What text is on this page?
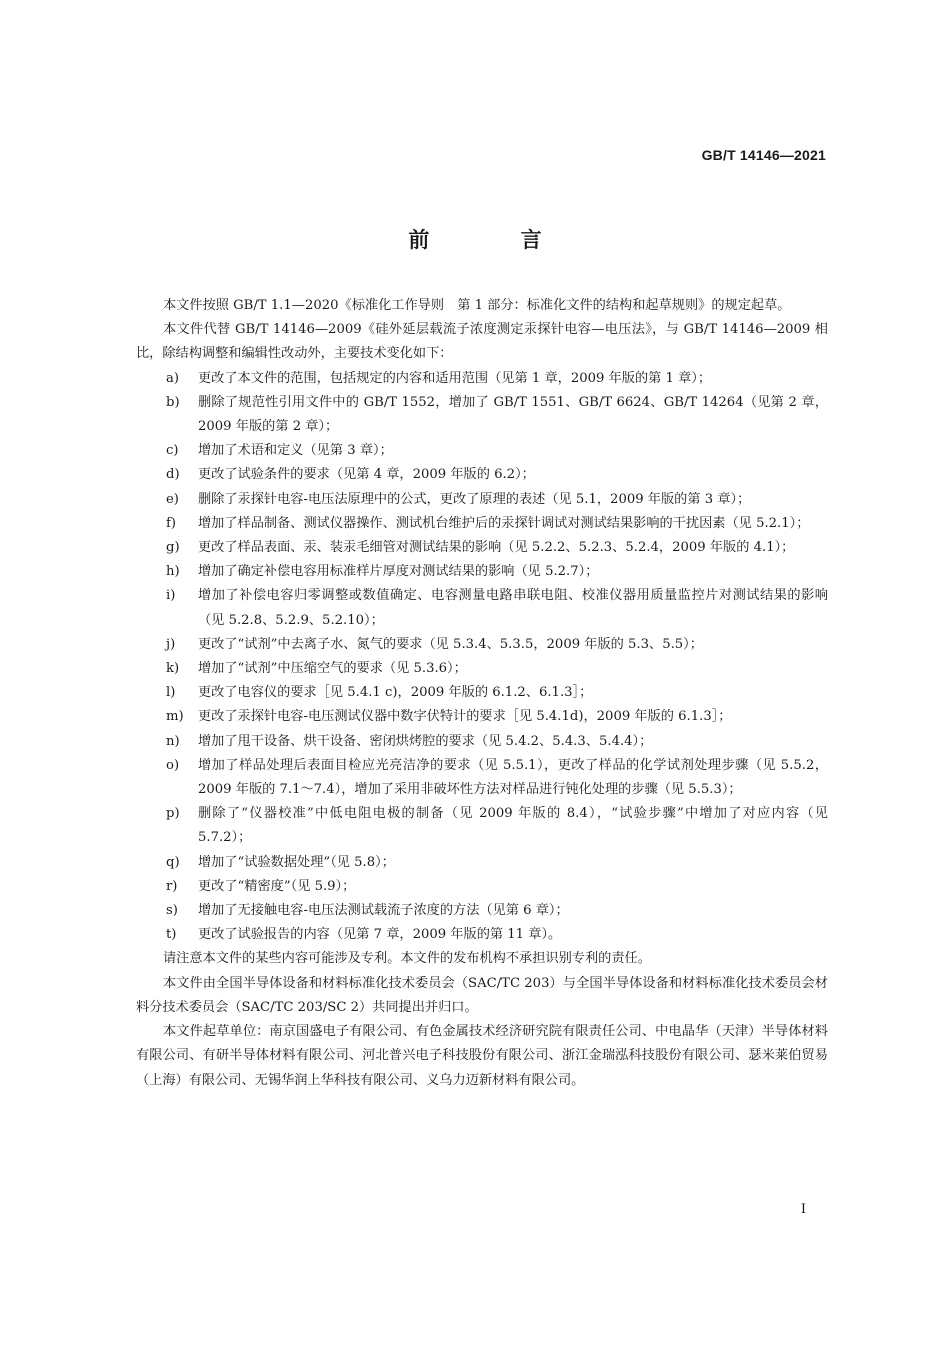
GB/T 14146—2021
前 言

本文件按照 GB/T 1.1—2020《标准化工作导则　第 1 部分：标准化文件的结构和起草规则》的规定起草。

本文件代替 GB/T 14146—2009《硅外延层载流子浓度测定汞探针电容—电压法》，与 GB/T 14146—2009 相比，除结构调整和编辑性改动外，主要技术变化如下：

a)	更改了本文件的范围，包括规定的内容和适用范围（见第 1 章，2009 年版的第 1 章）；
b)	删除了规范性引用文件中的 GB/T 1552，增加了 GB/T 1551、GB/T 6624、GB/T 14264（见第 2 章，2009 年版的第 2 章）；
c)	增加了术语和定义（见第 3 章）；
d)	更改了试验条件的要求（见第 4 章，2009 年版的 6.2）；
e)	删除了汞探针电容-电压法原理中的公式，更改了原理的表述（见 5.1，2009 年版的第 3 章）；
f)	增加了样品制备、测试仪器操作、测试机台维护后的汞探针调试对测试结果影响的干扰因素（见 5.2.1）；
g)	更改了样品表面、汞、装汞毛细管对测试结果的影响（见 5.2.2、5.2.3、5.2.4，2009 年版的 4.1）；
h)	增加了确定补偿电容用标准样片厚度对测试结果的影响（见 5.2.7）；
i)	增加了补偿电容归零调整或数值确定、电容测量电路串联电阻、校准仪器用质量监控片对测试结果的影响（见 5.2.8、5.2.9、5.2.10）；
j)	更改了“试剂”中去离子水、氮气的要求（见 5.3.4、5.3.5，2009 年版的 5.3、5.5）；
k)	增加了“试剂”中压缩空气的要求（见 5.3.6）；
l)	更改了电容仪的要求［见 5.4.1 c)，2009 年版的 6.1.2、6.1.3］；
m)	更改了汞探针电容-电压测试仪器中数字伏特计的要求［见 5.4.1d)，2009 年版的 6.1.3］；
n)	增加了甩干设备、烘干设备、密闭烘烤腔的要求（见 5.4.2、5.4.3、5.4.4）；
o)	增加了样品处理后表面目检应光亮洁净的要求（见 5.5.1），更改了样品的化学试剂处理步骤（见 5.5.2，2009 年版的 7.1～7.4），增加了采用非破坏性方法对样品进行钝化处理的步骤（见 5.5.3）；
p)	删除了“仪器校准”中低电阻电极的制备（见 2009 年版的 8.4），“试验步骤”中增加了对应内容（见 5.7.2）；
q)	增加了“试验数据处理”（见 5.8）；
r)	更改了“精密度”（见 5.9）；
s)	增加了无接触电容-电压法测试载流子浓度的方法（见第 6 章）；
t)	更改了试验报告的内容（见第 7 章，2009 年版的第 11 章）。

请注意本文件的某些内容可能涉及专利。本文件的发布机构不承担识别专利的责任。

本文件由全国半导体设备和材料标准化技术委员会（SAC/TC 203）与全国半导体设备和材料标准化技术委员会材料分技术委员会（SAC/TC 203/SC 2）共同提出并归口。

本文件起草单位：南京国盛电子有限公司、有色金属技术经济研究院有限责任公司、中电晶华（天津）半导体材料有限公司、有研半导体材料有限公司、河北普兴电子科技股份有限公司、浙江金瑞泓科技股份有限公司、瑟米莱伯贸易（上海）有限公司、无锡华润上华科技有限公司、义乌力迈新材料有限公司。

I
